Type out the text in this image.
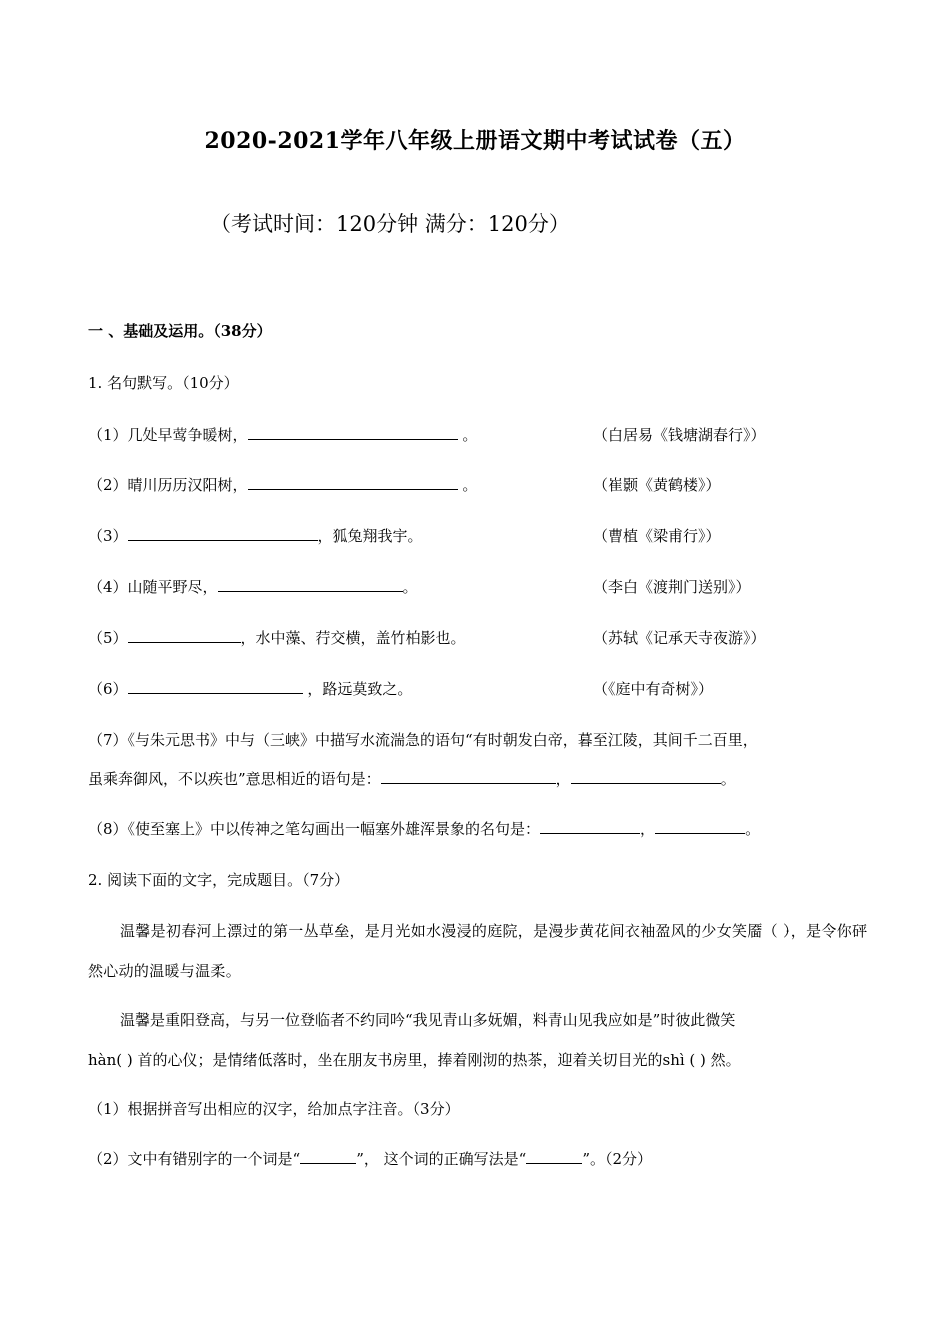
2020-2021学年八年级上册语文期中考试试卷（五）
（考试时间：120分钟 满分：120分）
一 、基础及运用。（38分）
1. 名句默写。（10分）
（1）几处早莺争暖树，	。	（白居易《钱塘湖春行》）
（2）晴川历历汉阳树，	。	（崔颢《黄鹤楼》）
（3）	，狐兔翔我宇。	（曹植《梁甫行》）
（4）山随平野尽，	。	（李白《渡荆门送别》）
（5）	，水中藻、荇交横，盖竹柏影也。	（苏轼《记承天寺夜游》）
（6）	，路远莫致之。	（《庭中有奇树》）
（7）《与朱元思书》中与（三峡》中描写水流湍急的语句“有时朝发白帝，暮至江陵，其间千二百里，
虽乘奔御风，不以疾也”意思相近的语句是：	，	。
（8）《使至塞上》中以传神之笔勾画出一幅塞外雄浑景象的名句是：	，	。
2. 阅读下面的文字，完成题目。（7分）
温馨是初春河上漂过的第一丛草垒，是月光如水漫浸的庭院，是漫步黄花间衣袖盈风的少女笑. 靥（ ），是令你砰然心动的温暖与温柔。
温馨是重阳登高，与另一位登临者不约同吟“我见青山多妩媚，料青山见我应如是”时彼此微笑
hàn( ) 首的心仪；是情绪低落时，坐在朋友书房里，捧着刚沏的热茶，迎着关切目光的shì ( ) 然。
（1）根据拼音写出相应的汉字，给加点字注音。（3分）
（2）文中有错别字的一个词是“	”， 这个词的正确写法是“	”。（2分）
